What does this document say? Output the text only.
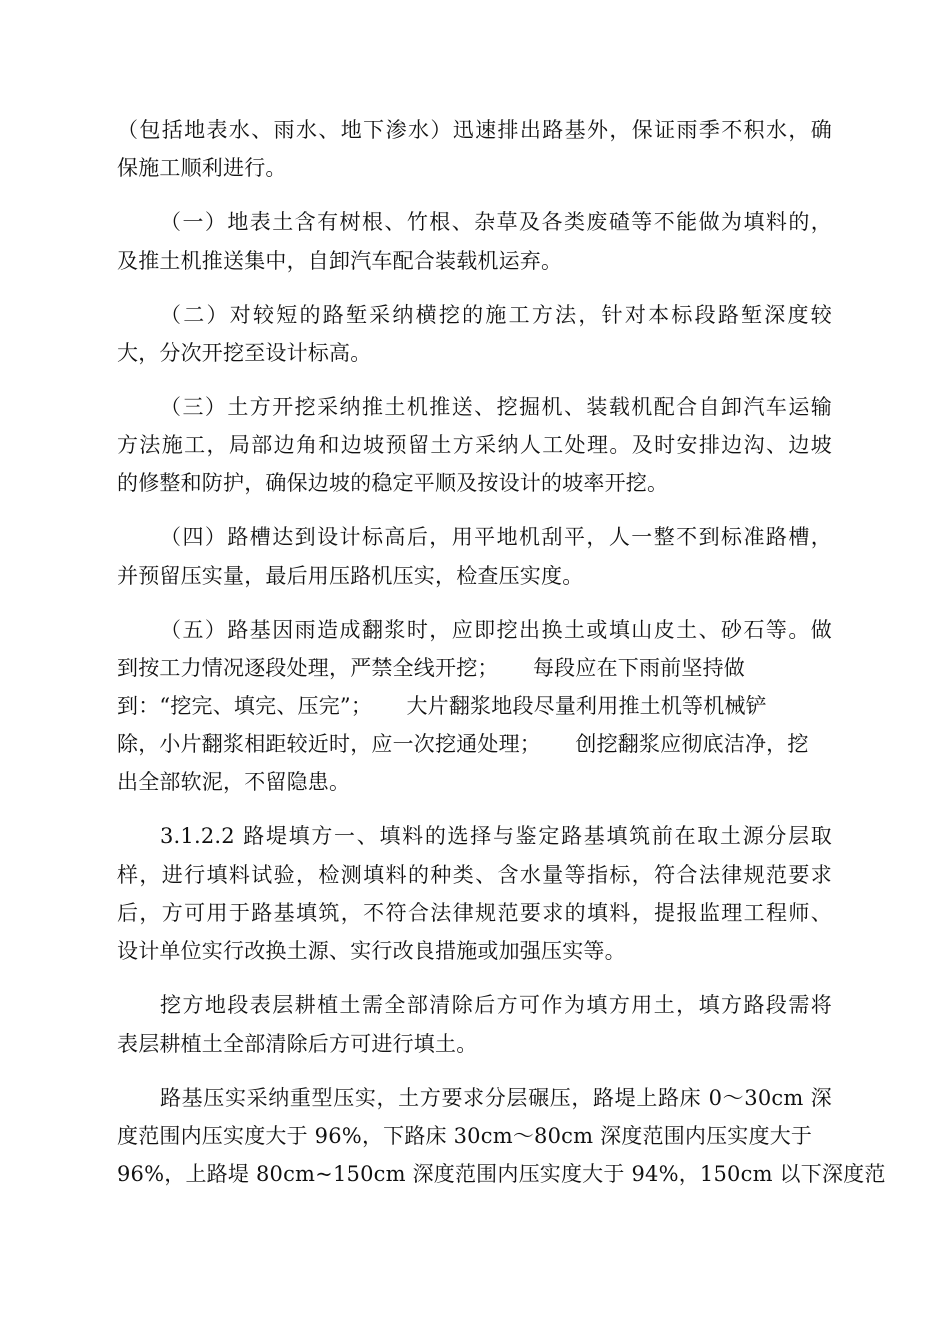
（包括地表水、雨水、地下渗水）迅速排出路基外，保证雨季不积水，确
保施工顺利进行。
（一）地表土含有树根、竹根、杂草及各类废碴等不能做为填料的，
及推土机推送集中，自卸汽车配合装载机运弃。
（二）对较短的路堑采纳横挖的施工方法，针对本标段路堑深度较
大，分次开挖至设计标高。
（三）土方开挖采纳推土机推送、挖掘机、装载机配合自卸汽车运输
方法施工，局部边角和边坡预留土方采纳人工处理。及时安排边沟、边坡
的修整和防护，确保边坡的稳定平顺及按设计的坡率开挖。
（四）路槽达到设计标高后，用平地机刮平，人一整不到标准路槽，
并预留压实量，最后用压路机压实，检查压实度。
（五）路基因雨造成翻浆时，应即挖出换土或填山皮土、砂石等。做
到按工力情况逐段处理，严禁全线开挖；     每段应在下雨前坚持做
到：“挖完、填完、压完”；     大片翻浆地段尽量利用推土机等机械铲
除，小片翻浆相距较近时，应一次挖通处理；     创挖翻浆应彻底洁净，挖
出全部软泥，不留隐患。
3.1.2.2 路堤填方一、填料的选择与鉴定路基填筑前在取土源分层取
样，进行填料试验，检测填料的种类、含水量等指标，符合法律规范要求
后，方可用于路基填筑，不符合法律规范要求的填料，提报监理工程师、
设计单位实行改换土源、实行改良措施或加强压实等。
挖方地段表层耕植土需全部清除后方可作为填方用土，填方路段需将
表层耕植土全部清除后方可进行填土。
路基压实采纳重型压实，土方要求分层碾压，路堤上路床 0～30cm 深
度范围内压实度大于 96%，下路床 30cm～80cm 深度范围内压实度大于
96%，上路堤 80cm~150cm 深度范围内压实度大于 94%，150cm 以下深度范
